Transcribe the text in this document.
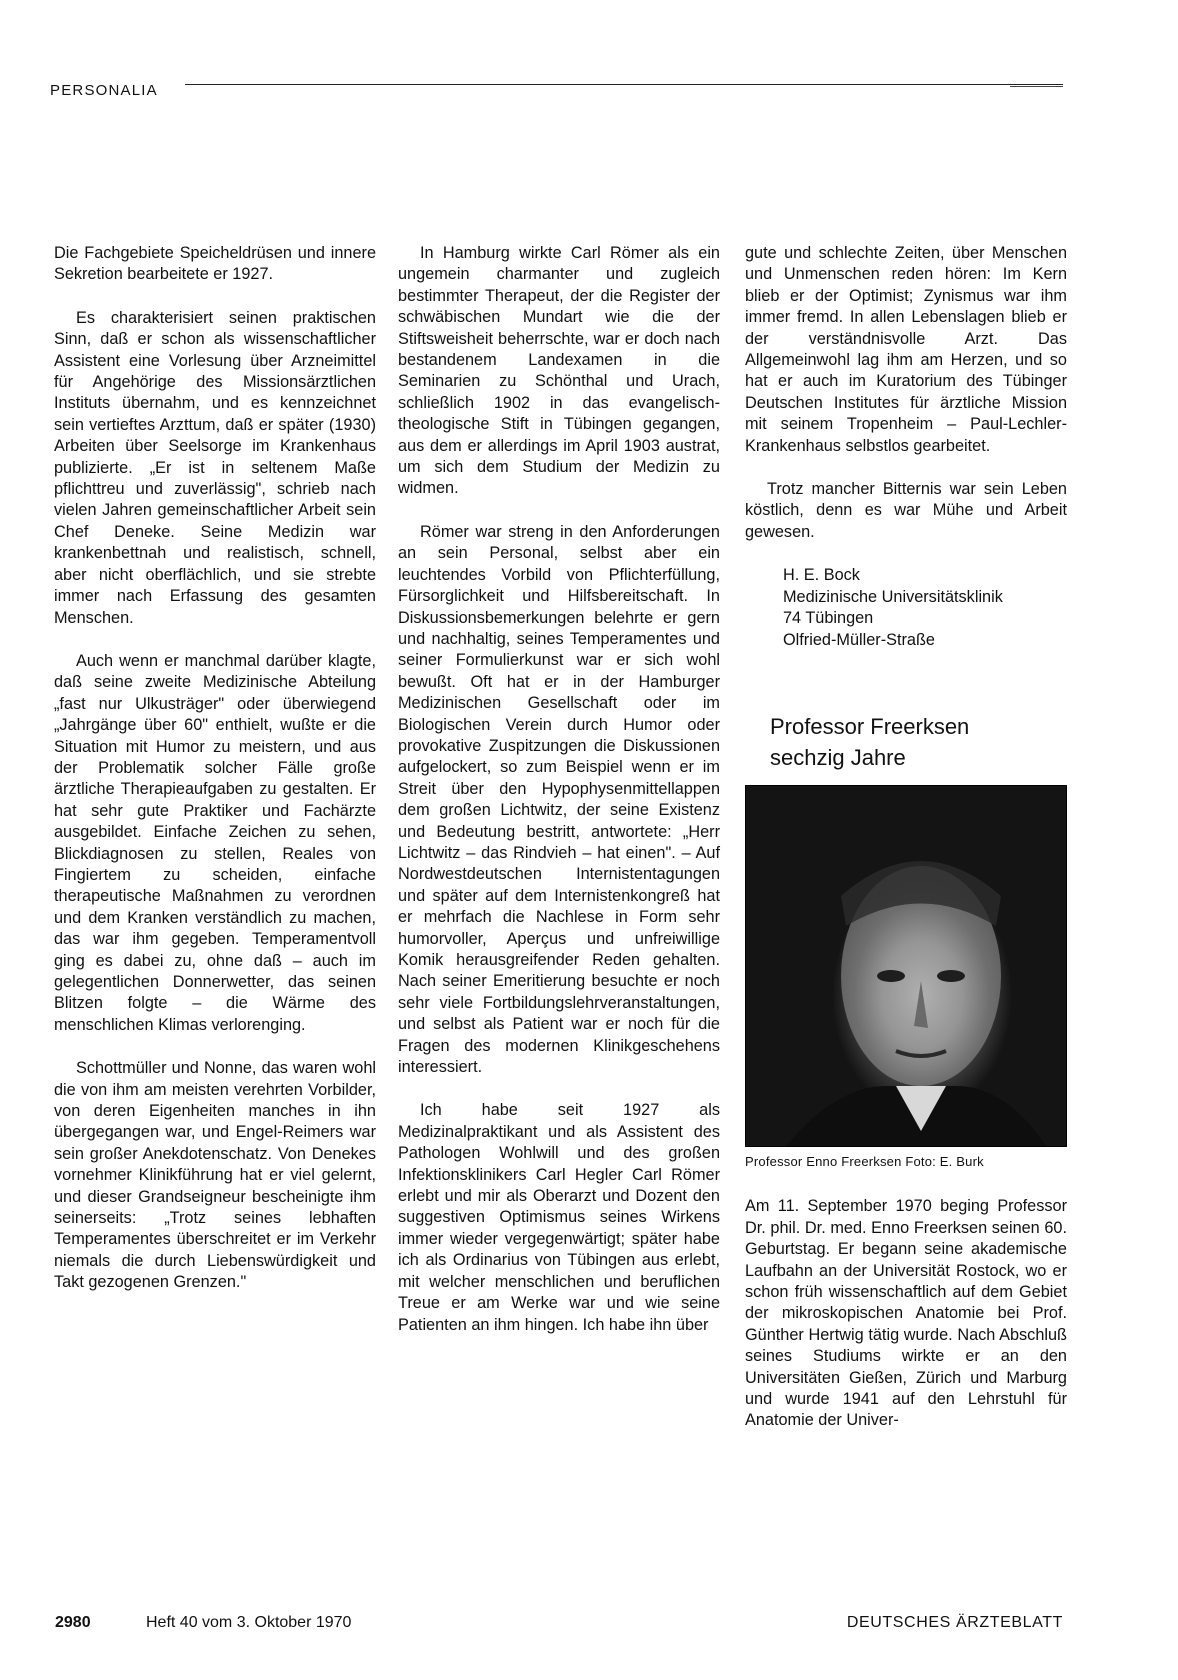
PERSONALIA

Die Fachgebiete Speicheldrüsen und innere Sekretion bearbeitete er 1927.

Es charakterisiert seinen praktischen Sinn, daß er schon als wissenschaftlicher Assistent eine Vorlesung über Arzneimittel für Angehörige des Missionsärztlichen Instituts übernahm, und es kennzeichnet sein vertieftes Arzttum, daß er später (1930) Arbeiten über Seelsorge im Krankenhaus publizierte. „Er ist in seltenem Maße pflichttreu und zuverlässig", schrieb nach vielen Jahren gemeinschaftlicher Arbeit sein Chef Deneke. Seine Medizin war krankenbettnah und realistisch, schnell, aber nicht oberflächlich, und sie strebte immer nach Erfassung des gesamten Menschen.

Auch wenn er manchmal darüber klagte, daß seine zweite Medizinische Abteilung „fast nur Ulkusträger" oder überwiegend „Jahrgänge über 60" enthielt, wußte er die Situation mit Humor zu meistern, und aus der Problematik solcher Fälle große ärztliche Therapieaufgaben zu gestalten. Er hat sehr gute Praktiker und Fachärzte ausgebildet. Einfache Zeichen zu sehen, Blickdiagnosen zu stellen, Reales von Fingiertem zu scheiden, einfache therapeutische Maßnahmen zu verordnen und dem Kranken verständlich zu machen, das war ihm gegeben. Temperamentvoll ging es dabei zu, ohne daß – auch im gelegentlichen Donnerwetter, das seinen Blitzen folgte – die Wärme des menschlichen Klimas verlorenging.

Schottmüller und Nonne, das waren wohl die von ihm am meisten verehrten Vorbilder, von deren Eigenheiten manches in ihn übergegangen war, und Engel-Reimers war sein großer Anekdotenschatz. Von Denekes vornehmer Klinikführung hat er viel gelernt, und dieser Grandseigneur bescheinigte ihm seinerseits: „Trotz seines lebhaften Temperamentes überschreitet er im Verkehr niemals die durch Liebenswürdigkeit und Takt gezogenen Grenzen."

In Hamburg wirkte Carl Römer als ein ungemein charmanter und zugleich bestimmter Therapeut, der die Register der schwäbischen Mundart wie die der Stiftsweisheit beherrschte, war er doch nach bestandenem Landexamen in die Seminarien zu Schönthal und Urach, schließlich 1902 in das evangelisch-theologische Stift in Tübingen gegangen, aus dem er allerdings im April 1903 austrat, um sich dem Studium der Medizin zu widmen.

Römer war streng in den Anforderungen an sein Personal, selbst aber ein leuchtendes Vorbild von Pflichterfüllung, Fürsorglichkeit und Hilfsbereitschaft. In Diskussionsbemerkungen belehrte er gern und nachhaltig, seines Temperamentes und seiner Formulierkunst war er sich wohl bewußt. Oft hat er in der Hamburger Medizinischen Gesellschaft oder im Biologischen Verein durch Humor oder provokative Zuspitzungen die Diskussionen aufgelockert, so zum Beispiel wenn er im Streit über den Hypophysenmittellappen dem großen Lichtwitz, der seine Existenz und Bedeutung bestritt, antwortete: „Herr Lichtwitz – das Rindvieh – hat einen". – Auf Nordwestdeutschen Internistentagungen und später auf dem Internistenkongreß hat er mehrfach die Nachlese in Form sehr humorvoller, Aperçus und unfreiwillige Komik herausgreifender Reden gehalten. Nach seiner Emeritierung besuchte er noch sehr viele Fortbildungslehrveranstaltungen, und selbst als Patient war er noch für die Fragen des modernen Klinikgeschehens interessiert.

Ich habe seit 1927 als Medizinalpraktikant und als Assistent des Pathologen Wohlwill und des großen Infektionsklinikers Carl Hegler Carl Römer erlebt und mir als Oberarzt und Dozent den suggestiven Optimismus seines Wirkens immer wieder vergegenwärtigt; später habe ich als Ordinarius von Tübingen aus erlebt, mit welcher menschlichen und beruflichen Treue er am Werke war und wie seine Patienten an ihm hingen. Ich habe ihn über

gute und schlechte Zeiten, über Menschen und Unmenschen reden hören: Im Kern blieb er der Optimist; Zynismus war ihm immer fremd. In allen Lebenslagen blieb er der verständnisvolle Arzt. Das Allgemeinwohl lag ihm am Herzen, und so hat er auch im Kuratorium des Tübinger Deutschen Institutes für ärztliche Mission mit seinem Tropenheim – Paul-Lechler-Krankenhaus selbstlos gearbeitet.

Trotz mancher Bitternis war sein Leben köstlich, denn es war Mühe und Arbeit gewesen.

H. E. Bock
Medizinische Universitätsklinik
74 Tübingen
Olfried-Müller-Straße
Professor Freerksen
sechzig Jahre
Professor Enno Freerksen Foto: E. Burk

Am 11. September 1970 beging Professor Dr. phil. Dr. med. Enno Freerksen seinen 60. Geburtstag. Er begann seine akademische Laufbahn an der Universität Rostock, wo er schon früh wissenschaftlich auf dem Gebiet der mikroskopischen Anatomie bei Prof. Günther Hertwig tätig wurde. Nach Abschluß seines Studiums wirkte er an den Universitäten Gießen, Zürich und Marburg und wurde 1941 auf den Lehrstuhl für Anatomie der Univer-

2980	Heft 40 vom 3. Oktober 1970	DEUTSCHES ÄRZTEBLATT
